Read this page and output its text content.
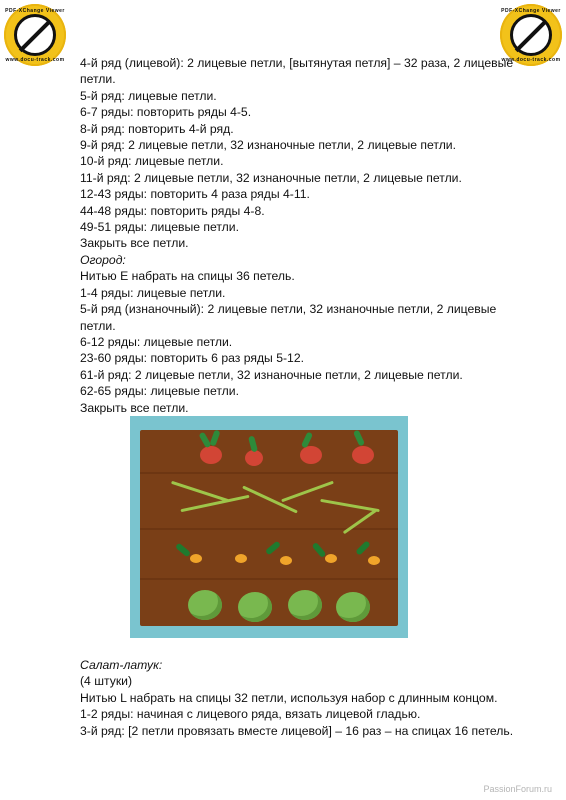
PDF-XChange Viewer
www.docu-track.com
PDF-XChange Viewer
www.docu-track.com
4-й ряд (лицевой): 2 лицевые петли, [вытянутая петля] – 32 раза, 2 лицевые
петли.
5-й ряд: лицевые петли.
6-7 ряды: повторить ряды 4-5.
8-й ряд: повторить 4-й ряд.
9-й ряд: 2 лицевые петли, 32 изнаночные петли, 2 лицевые петли.
10-й ряд: лицевые петли.
11-й ряд: 2 лицевые петли, 32 изнаночные петли, 2 лицевые петли.
12-43 ряды: повторить 4 раза ряды 4-11.
44-48 ряды: повторить ряды 4-8.
49-51 ряды: лицевые петли.
Закрыть все петли.
Огород:
Нитью E набрать на спицы 36 петель.
1-4 ряды: лицевые петли.
5-й ряд (изнаночный): 2 лицевые петли, 32 изнаночные петли, 2 лицевые
петли.
6-12 ряды: лицевые петли.
23-60 ряды: повторить 6 раз ряды 5-12.
61-й ряд: 2 лицевые петли, 32 изнаночные петли, 2 лицевые петли.
62-65 ряды: лицевые петли.
Закрыть все петли.
Салат-латук:
(4 штуки)
Нитью L набрать на спицы 32 петли, используя набор с длинным концом.
1-2 ряды: начиная с лицевого ряда, вязать лицевой гладью.
3-й ряд: [2 петли провязать вместе лицевой] – 16 раз – на спицах 16 петель.
PassionForum.ru
